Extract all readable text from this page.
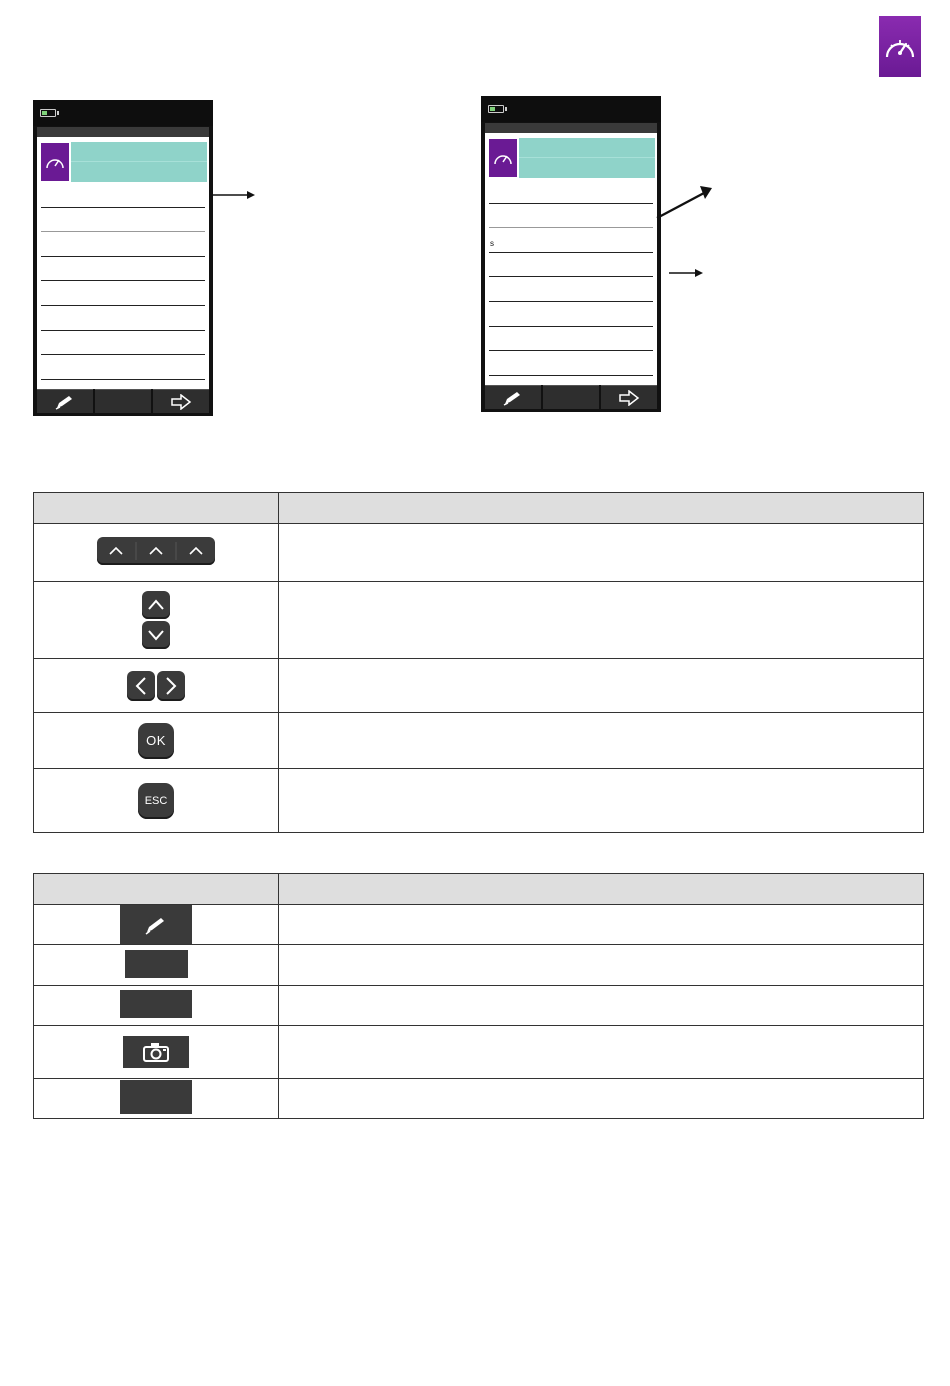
s

OK	
ESC	
